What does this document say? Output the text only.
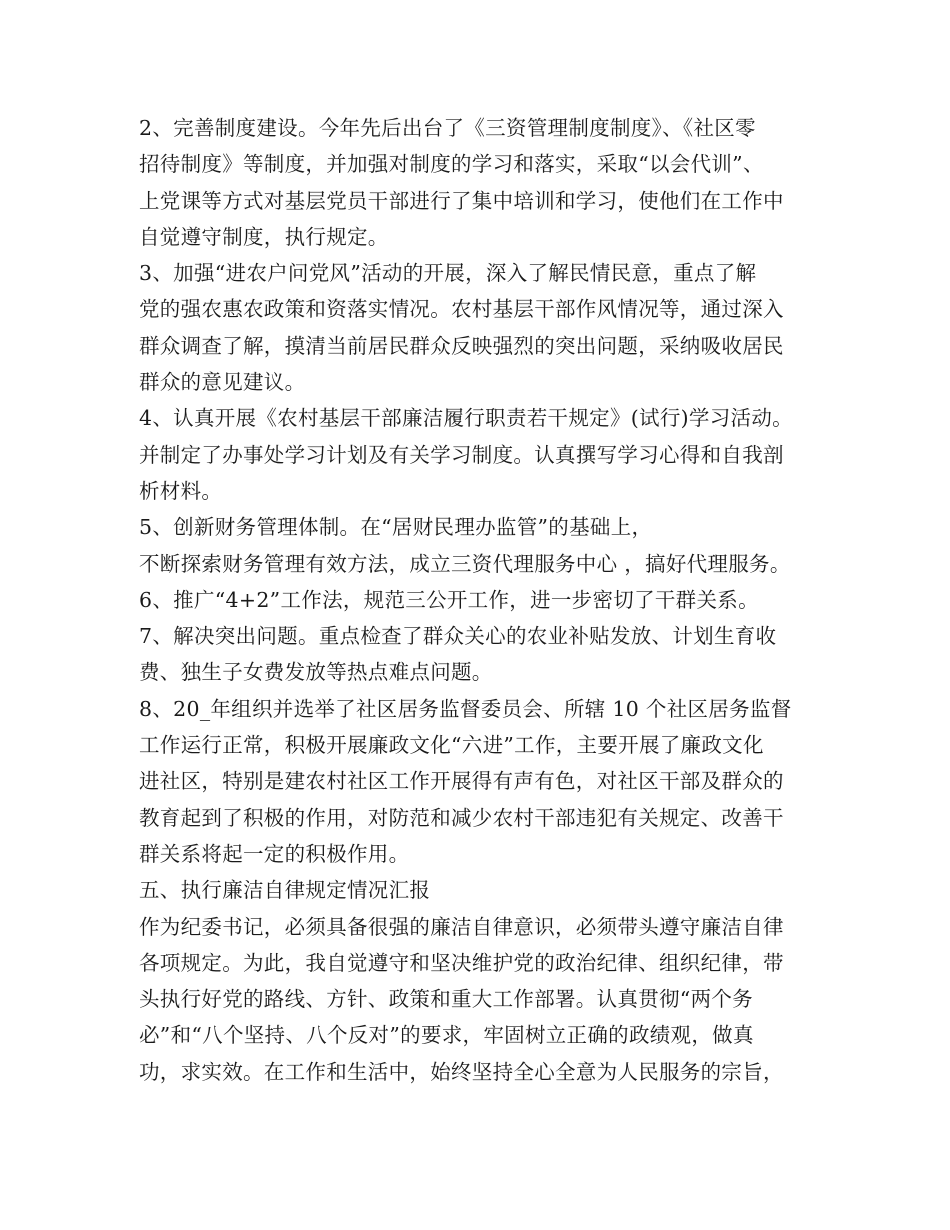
2、完善制度建设。今年先后出台了《三资管理制度制度》、《社区零
招待制度》等制度，并加强对制度的学习和落实，采取“以会代训”、
上党课等方式对基层党员干部进行了集中培训和学习，使他们在工作中
自觉遵守制度，执行规定。
3、加强“进农户问党风”活动的开展，深入了解民情民意，重点了解
党的强农惠农政策和资落实情况。农村基层干部作风情况等，通过深入
群众调查了解，摸清当前居民群众反映强烈的突出问题，采纳吸收居民
群众的意见建议。
4、认真开展《农村基层干部廉洁履行职责若干规定》(试行)学习活动。
并制定了办事处学习计划及有关学习制度。认真撰写学习心得和自我剖
析材料。
5、创新财务管理体制。在“居财民理办监管”的基础上，
不断探索财务管理有效方法，成立三资代理服务中心 ，搞好代理服务。
6、推广“4+2”工作法，规范三公开工作，进一步密切了干群关系。
7、解决突出问题。重点检查了群众关心的农业补贴发放、计划生育收
费、独生子女费发放等热点难点问题。
8、20_年组织并选举了社区居务监督委员会、所辖 10 个社区居务监督
工作运行正常，积极开展廉政文化“六进”工作，主要开展了廉政文化
进社区，特别是建农村社区工作开展得有声有色，对社区干部及群众的
教育起到了积极的作用，对防范和减少农村干部违犯有关规定、改善干
群关系将起一定的积极作用。
五、执行廉洁自律规定情况汇报
作为纪委书记，必须具备很强的廉洁自律意识，必须带头遵守廉洁自律
各项规定。为此，我自觉遵守和坚决维护党的政治纪律、组织纪律，带
头执行好党的路线、方针、政策和重大工作部署。认真贯彻“两个务
必”和“八个坚持、八个反对”的要求，牢固树立正确的政绩观，做真
功，求实效。在工作和生活中，始终坚持全心全意为人民服务的宗旨，
